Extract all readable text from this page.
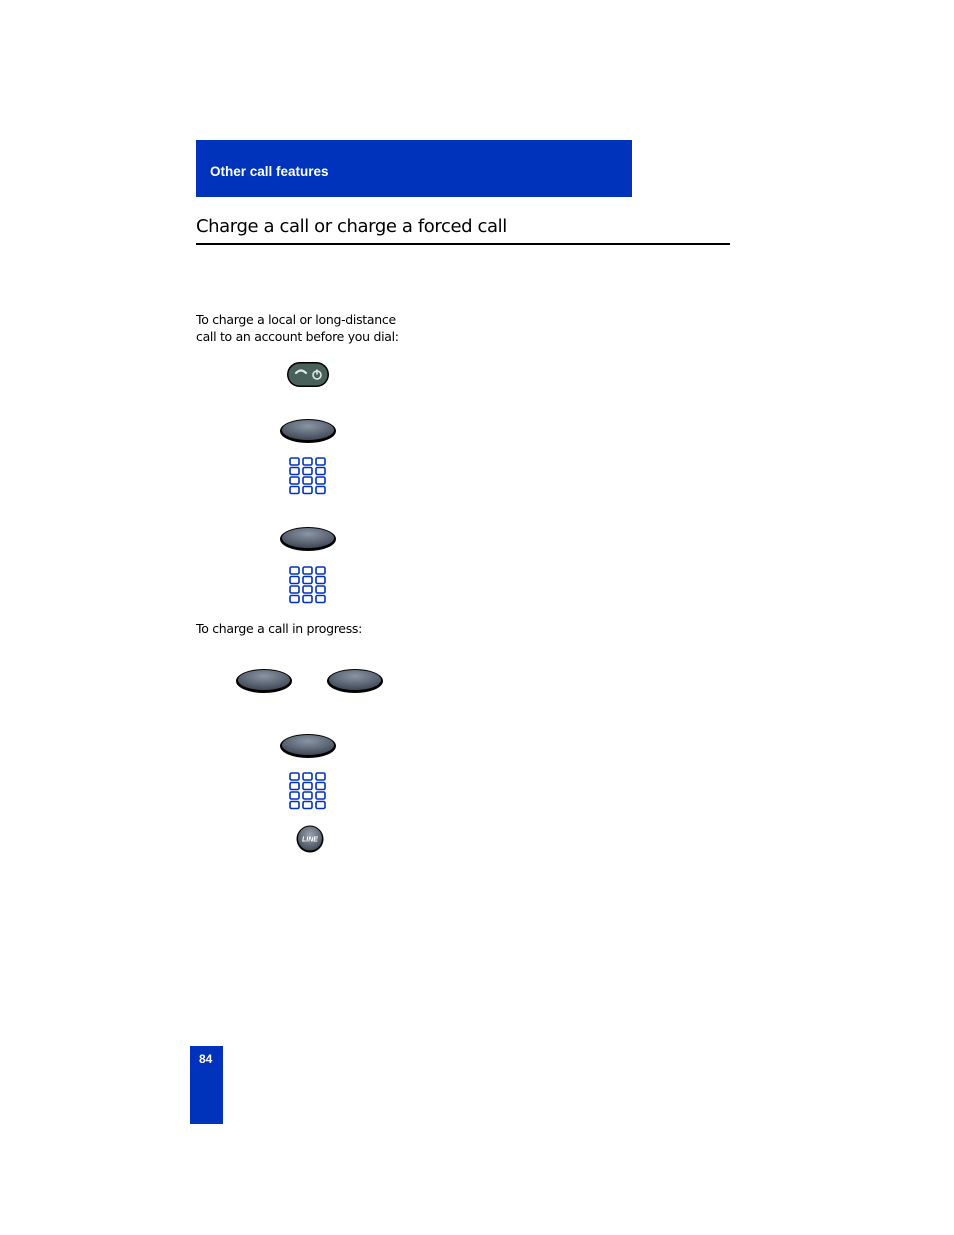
Other call features
Charge a call or charge a forced call
To charge a local or long-distance
call to an account before you dial:
To charge a call in progress:
LINE
84
